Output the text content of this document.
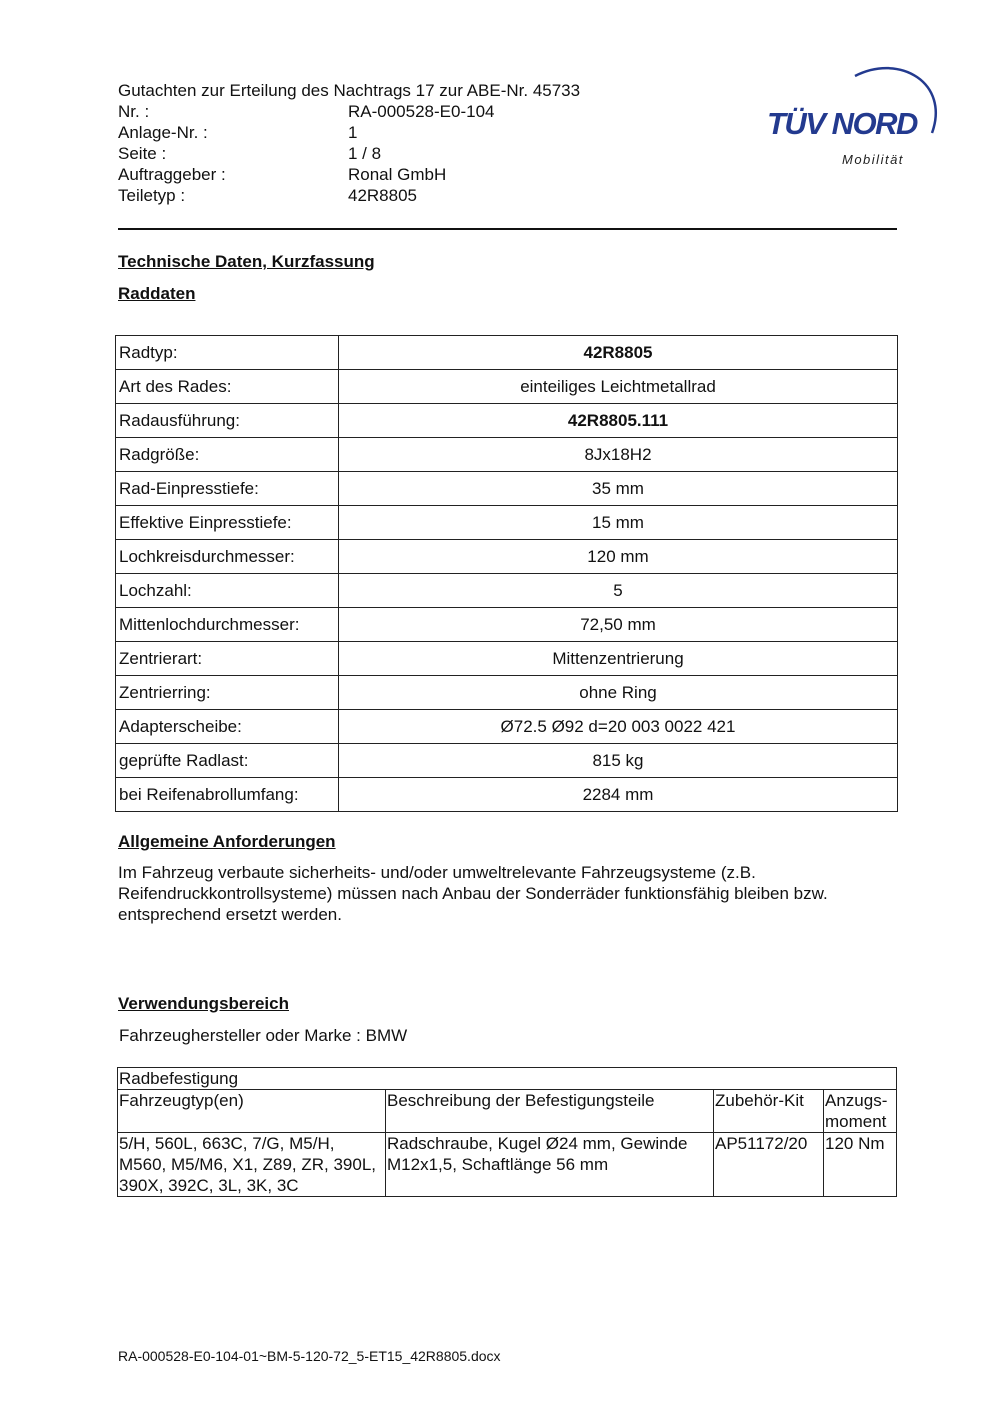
Gutachten zur Erteilung des Nachtrags 17 zur ABE-Nr. 45733
Nr. :	RA-000528-E0-104
Anlage-Nr. :	1
Seite :	1 / 8
Auftraggeber :	Ronal GmbH
Teiletyp :	42R8805
TÜV NORD
Mobilität
Technische Daten, Kurzfassung
Raddaten
Radtyp:	42R8805
Art des Rades:	einteiliges Leichtmetallrad
Radausführung:	42R8805.111
Radgröße:	8Jx18H2
Rad-Einpresstiefe:	35 mm
Effektive Einpresstiefe:	15 mm
Lochkreisdurchmesser:	120 mm
Lochzahl:	5
Mittenlochdurchmesser:	72,50 mm
Zentrierart:	Mittenzentrierung
Zentrierring:	ohne Ring
Adapterscheibe:	Ø72.5 Ø92 d=20 003 0022 421
geprüfte Radlast:	815 kg
bei Reifenabrollumfang:	2284 mm
Allgemeine Anforderungen
Im Fahrzeug verbaute sicherheits- und/oder umweltrelevante Fahrzeugsysteme (z.B. Reifendruckkontrollsysteme) müssen nach Anbau der Sonderräder funktionsfähig bleiben bzw. entsprechend ersetzt werden.
Verwendungsbereich
Fahrzeughersteller oder Marke : BMW
Radbefestigung			
Fahrzeugtyp(en)	Beschreibung der Befestigungsteile	Zubehör-Kit	Anzugs-
moment
5/H, 560L, 663C, 7/G, M5/H, M560, M5/M6, X1, Z89, ZR, 390L, 390X, 392C, 3L, 3K, 3C	Radschraube, Kugel Ø24 mm, Gewinde M12x1,5, Schaftlänge 56 mm	AP51172/20	120 Nm
RA-000528-E0-104-01~BM-5-120-72_5-ET15_42R8805.docx
